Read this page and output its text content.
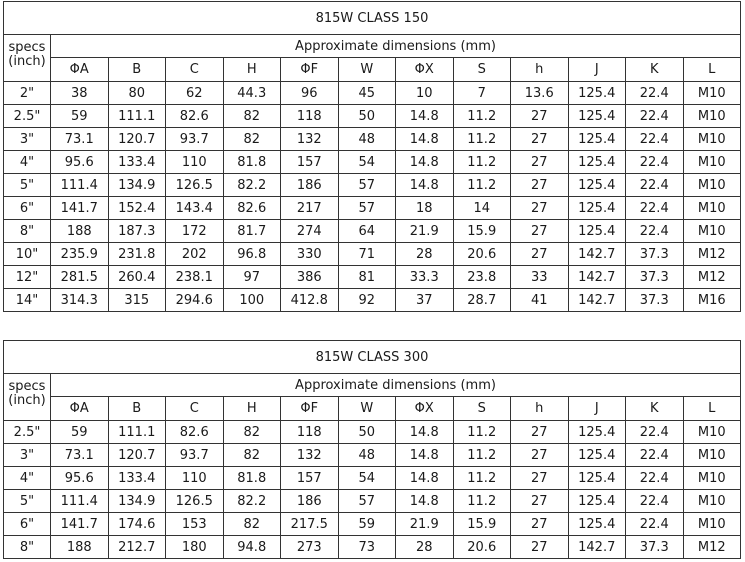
815W CLASS 150												
specs
(inch)	Approximate dimensions (mm)											
	ΦA	B	C	H	ΦF	W	ΦX	S	h	J	K	L
2"	38	80	62	44.3	96	45	10	7	13.6	125.4	22.4	M10
2.5"	59	111.1	82.6	82	118	50	14.8	11.2	27	125.4	22.4	M10
3"	73.1	120.7	93.7	82	132	48	14.8	11.2	27	125.4	22.4	M10
4"	95.6	133.4	110	81.8	157	54	14.8	11.2	27	125.4	22.4	M10
5"	111.4	134.9	126.5	82.2	186	57	14.8	11.2	27	125.4	22.4	M10
6"	141.7	152.4	143.4	82.6	217	57	18	14	27	125.4	22.4	M10
8"	188	187.3	172	81.7	274	64	21.9	15.9	27	125.4	22.4	M10
10"	235.9	231.8	202	96.8	330	71	28	20.6	27	142.7	37.3	M12
12"	281.5	260.4	238.1	97	386	81	33.3	23.8	33	142.7	37.3	M12
14"	314.3	315	294.6	100	412.8	92	37	28.7	41	142.7	37.3	M16
815W CLASS 300												
specs
(inch)	Approximate dimensions (mm)											
	ΦA	B	C	H	ΦF	W	ΦX	S	h	J	K	L
2.5"	59	111.1	82.6	82	118	50	14.8	11.2	27	125.4	22.4	M10
3"	73.1	120.7	93.7	82	132	48	14.8	11.2	27	125.4	22.4	M10
4"	95.6	133.4	110	81.8	157	54	14.8	11.2	27	125.4	22.4	M10
5"	111.4	134.9	126.5	82.2	186	57	14.8	11.2	27	125.4	22.4	M10
6"	141.7	174.6	153	82	217.5	59	21.9	15.9	27	125.4	22.4	M10
8"	188	212.7	180	94.8	273	73	28	20.6	27	142.7	37.3	M12
